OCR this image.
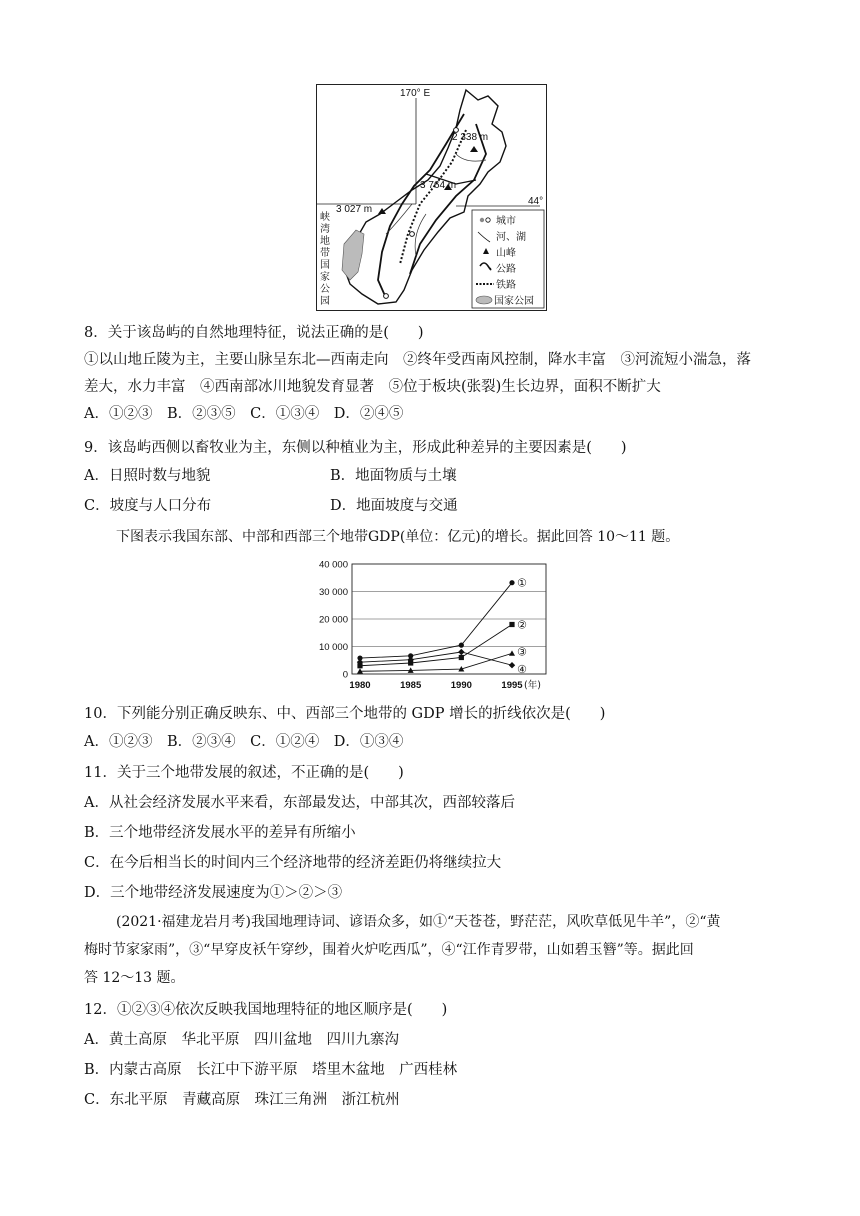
170° E
44°
2 338 m
3 764 m
3 027 m
峡
湾
地
带
国
家
公
园
城市
河、湖
山峰
公路
铁路
国家公园
8．关于该岛屿的自然地理特征，说法正确的是(　　)
①以山地丘陵为主，主要山脉呈东北—西南走向　②终年受西南风控制，降水丰富　③河流短小湍急，落
差大，水力丰富　④西南部冰川地貌发育显著　⑤位于板块(张裂)生长边界，面积不断扩大
A．①②③　B．②③⑤　C．①③④　D．②④⑤
9．该岛屿西侧以畜牧业为主，东侧以种植业为主，形成此种差异的主要因素是(　　)
A．日照时数与地貌	B．地面物质与土壤
C．坡度与人口分布	D．地面坡度与交通
下图表示我国东部、中部和西部三个地带GDP(单位：亿元)的增长。据此回答 10～11 题。
0
10 000
20 000
30 000
40 000
1980	1985	1990	1995 (年)
①
②
③
④
10．下列能分别正确反映东、中、西部三个地带的 GDP 增长的折线依次是(　　)
A．①②③　B．②③④　C．①②④　D．①③④
11．关于三个地带发展的叙述，不正确的是(　　)
A．从社会经济发展水平来看，东部最发达，中部其次，西部较落后
B．三个地带经济发展水平的差异有所缩小
C．在今后相当长的时间内三个经济地带的经济差距仍将继续拉大
D．三个地带经济发展速度为①＞②＞③
(2021·福建龙岩月考)我国地理诗词、谚语众多，如①“天苍苍，野茫茫，风吹草低见牛羊”，②“黄
梅时节家家雨”，③“早穿皮袄午穿纱，围着火炉吃西瓜”，④“江作青罗带，山如碧玉簪”等。据此回
答 12～13 题。
12．①②③④依次反映我国地理特征的地区顺序是(　　)
A．黄土高原　华北平原　四川盆地　四川九寨沟
B．内蒙古高原　长江中下游平原　塔里木盆地　广西桂林
C．东北平原　青藏高原　珠江三角洲　浙江杭州
